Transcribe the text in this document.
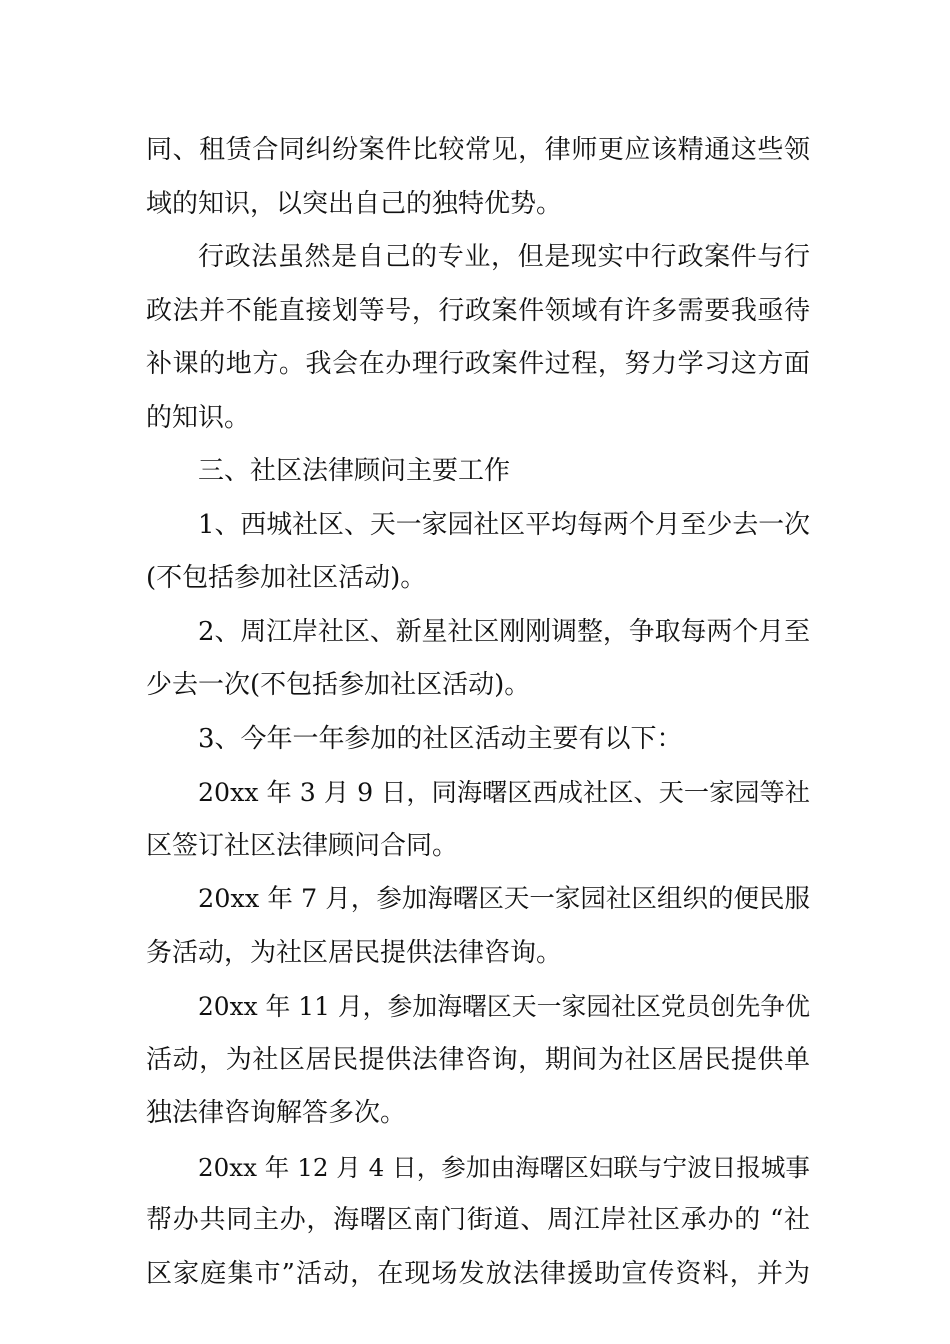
同、租赁合同纠纷案件比较常见，律师更应该精通这些领
域的知识，以突出自己的独特优势。
行政法虽然是自己的专业，但是现实中行政案件与行
政法并不能直接划等号，行政案件领域有许多需要我亟待
补课的地方。我会在办理行政案件过程，努力学习这方面
的知识。
三、社区法律顾问主要工作
1、西城社区、天一家园社区平均每两个月至少去一次
(不包括参加社区活动)。
2、周江岸社区、新星社区刚刚调整，争取每两个月至
少去一次(不包括参加社区活动)。
3、今年一年参加的社区活动主要有以下：
20xx 年 3 月 9 日，同海曙区西成社区、天一家园等社
区签订社区法律顾问合同。
20xx 年 7 月，参加海曙区天一家园社区组织的便民服
务活动，为社区居民提供法律咨询。
20xx 年 11 月，参加海曙区天一家园社区党员创先争优
活动，为社区居民提供法律咨询，期间为社区居民提供单
独法律咨询解答多次。
20xx 年 12 月 4 日，参加由海曙区妇联与宁波日报城事
帮办共同主办，海曙区南门街道、周江岸社区承办的 “社
区家庭集市”活动，在现场发放法律援助宣传资料，并为
